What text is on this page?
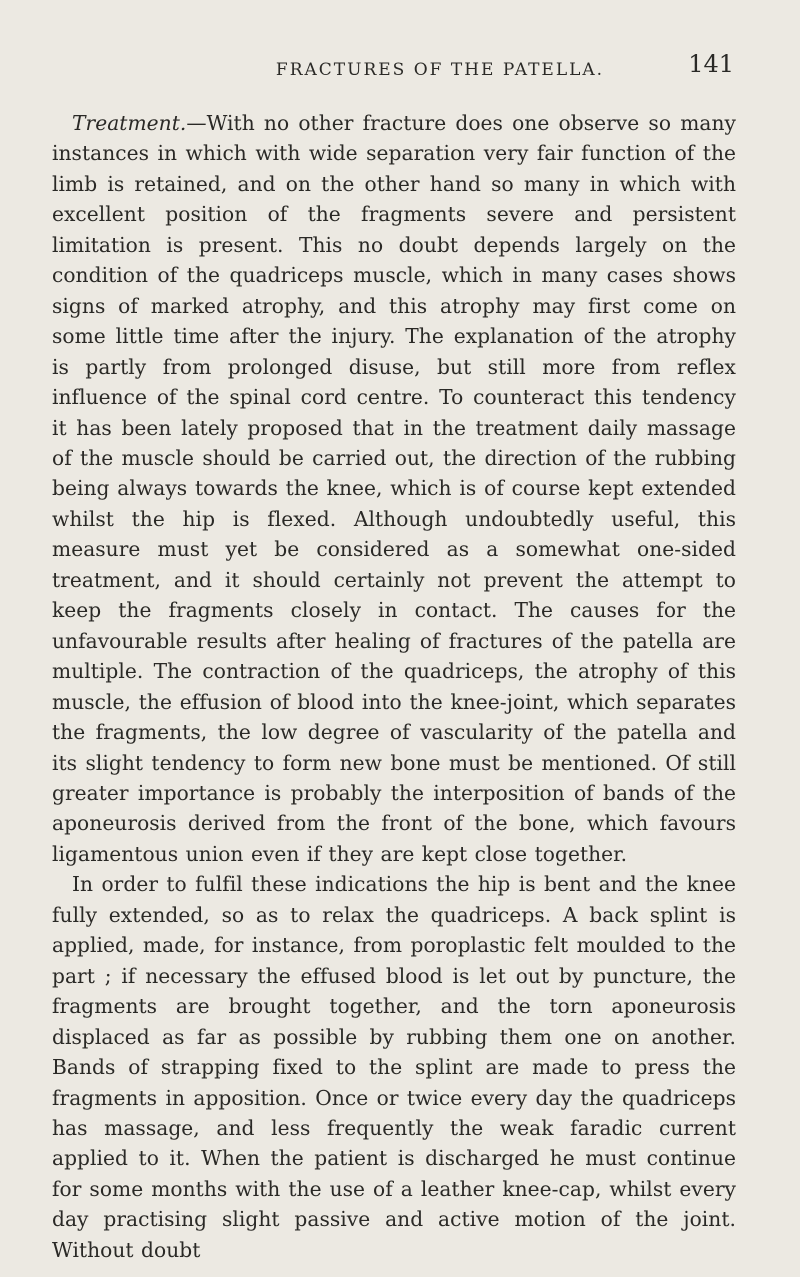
FRACTURES OF THE PATELLA.	141

Treatment.—With no other fracture does one observe so many instances in which with wide separation very fair function of the limb is retained, and on the other hand so many in which with excellent position of the fragments severe and persistent limitation is present. This no doubt depends largely on the condition of the quadriceps muscle, which in many cases shows signs of marked atrophy, and this atrophy may first come on some little time after the injury. The explanation of the atrophy is partly from prolonged disuse, but still more from reflex influence of the spinal cord centre. To counteract this tendency it has been lately proposed that in the treatment daily massage of the muscle should be carried out, the direction of the rubbing being always towards the knee, which is of course kept extended whilst the hip is flexed. Although undoubtedly useful, this measure must yet be considered as a somewhat one-sided treatment, and it should certainly not prevent the attempt to keep the fragments closely in contact. The causes for the unfavourable results after healing of fractures of the patella are multiple. The contraction of the quadriceps, the atrophy of this muscle, the effusion of blood into the knee-joint, which separates the fragments, the low degree of vascularity of the patella and its slight tendency to form new bone must be mentioned. Of still greater importance is probably the interposition of bands of the aponeurosis derived from the front of the bone, which favours ligamentous union even if they are kept close together.

In order to fulfil these indications the hip is bent and the knee fully extended, so as to relax the quadriceps. A back splint is applied, made, for instance, from poroplastic felt moulded to the part ; if necessary the effused blood is let out by puncture, the fragments are brought together, and the torn aponeurosis displaced as far as possible by rubbing them one on another. Bands of strapping fixed to the splint are made to press the fragments in apposition. Once or twice every day the quadriceps has massage, and less frequently the weak faradic current applied to it. When the patient is discharged he must continue for some months with the use of a leather knee-cap, whilst every day practising slight passive and active motion of the joint. Without doubt
